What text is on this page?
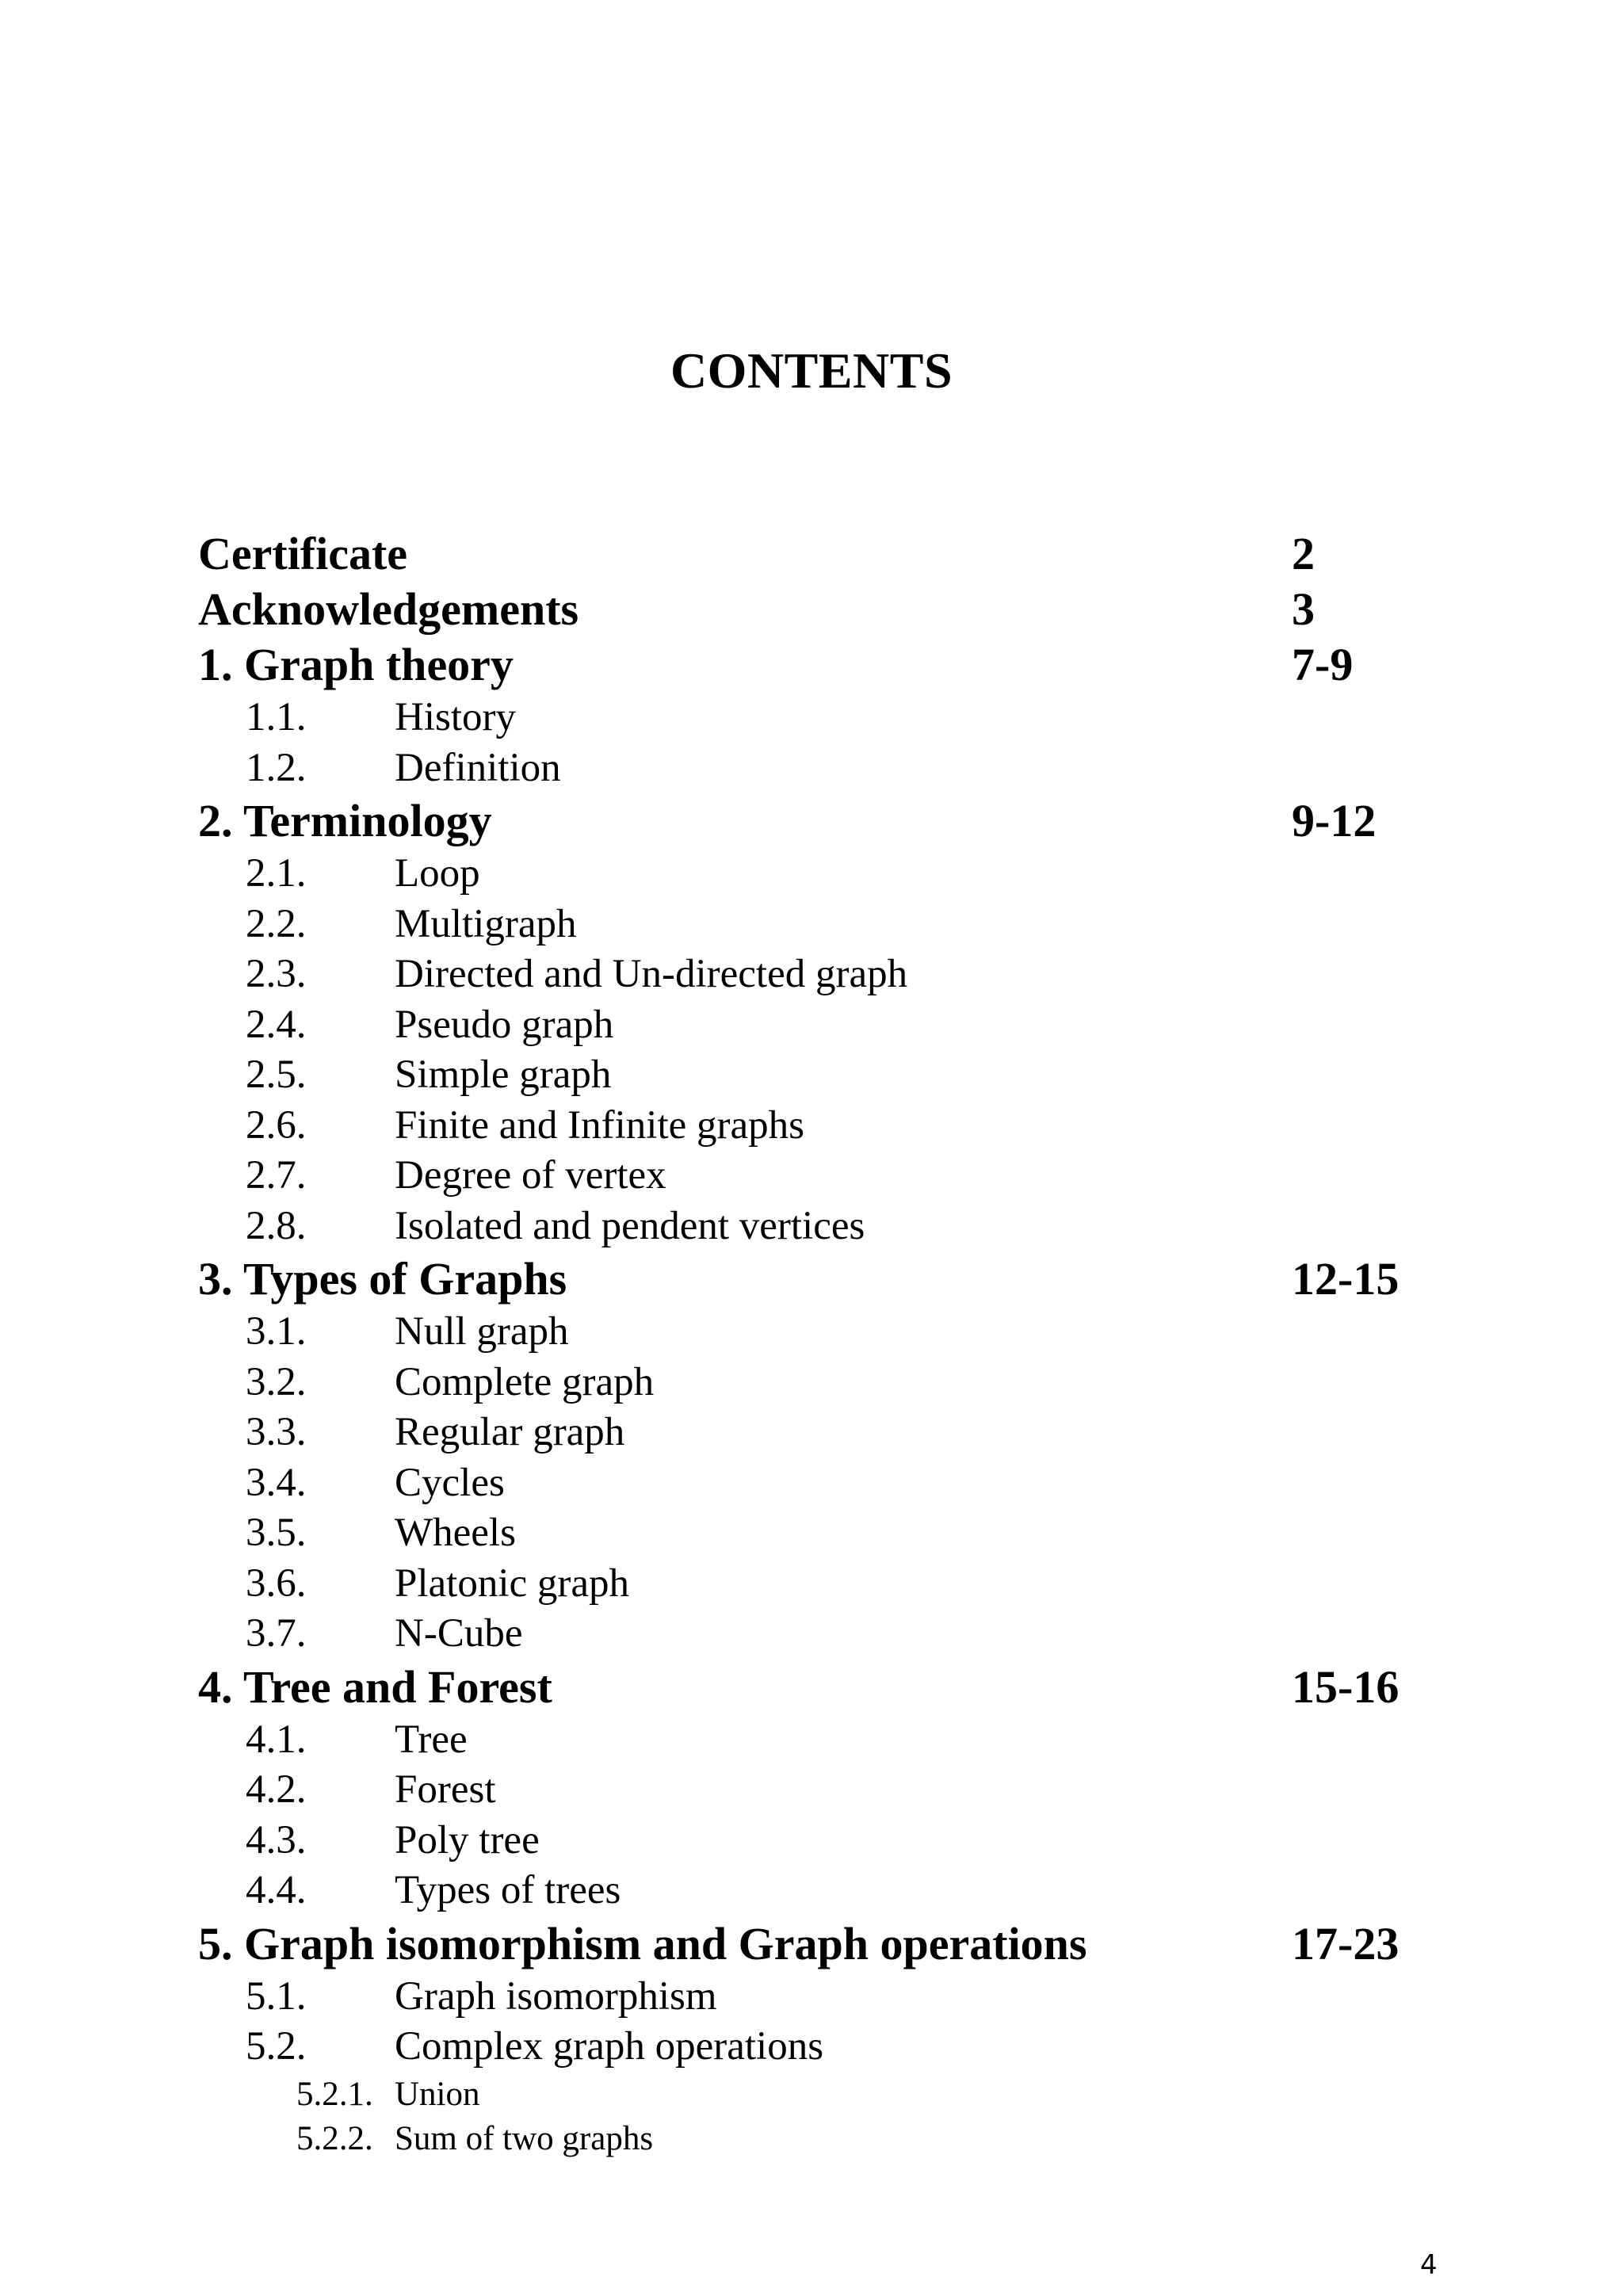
CONTENTS
Certificate	2
Acknowledgements	3
1. Graph theory	7-9
1.1. History
1.2. Definition
2. Terminology	9-12
2.1. Loop
2.2. Multigraph
2.3. Directed and Un-directed graph
2.4. Pseudo graph
2.5. Simple graph
2.6. Finite and Infinite graphs
2.7. Degree of vertex
2.8. Isolated and pendent vertices
3. Types of Graphs	12-15
3.1. Null graph
3.2. Complete graph
3.3. Regular graph
3.4. Cycles
3.5. Wheels
3.6. Platonic graph
3.7. N-Cube
4. Tree and Forest	15-16
4.1. Tree
4.2. Forest
4.3. Poly tree
4.4. Types of trees
5. Graph isomorphism and Graph operations	17-23
5.1. Graph isomorphism
5.2. Complex graph operations
5.2.1. Union
5.2.2. Sum of two graphs
4
